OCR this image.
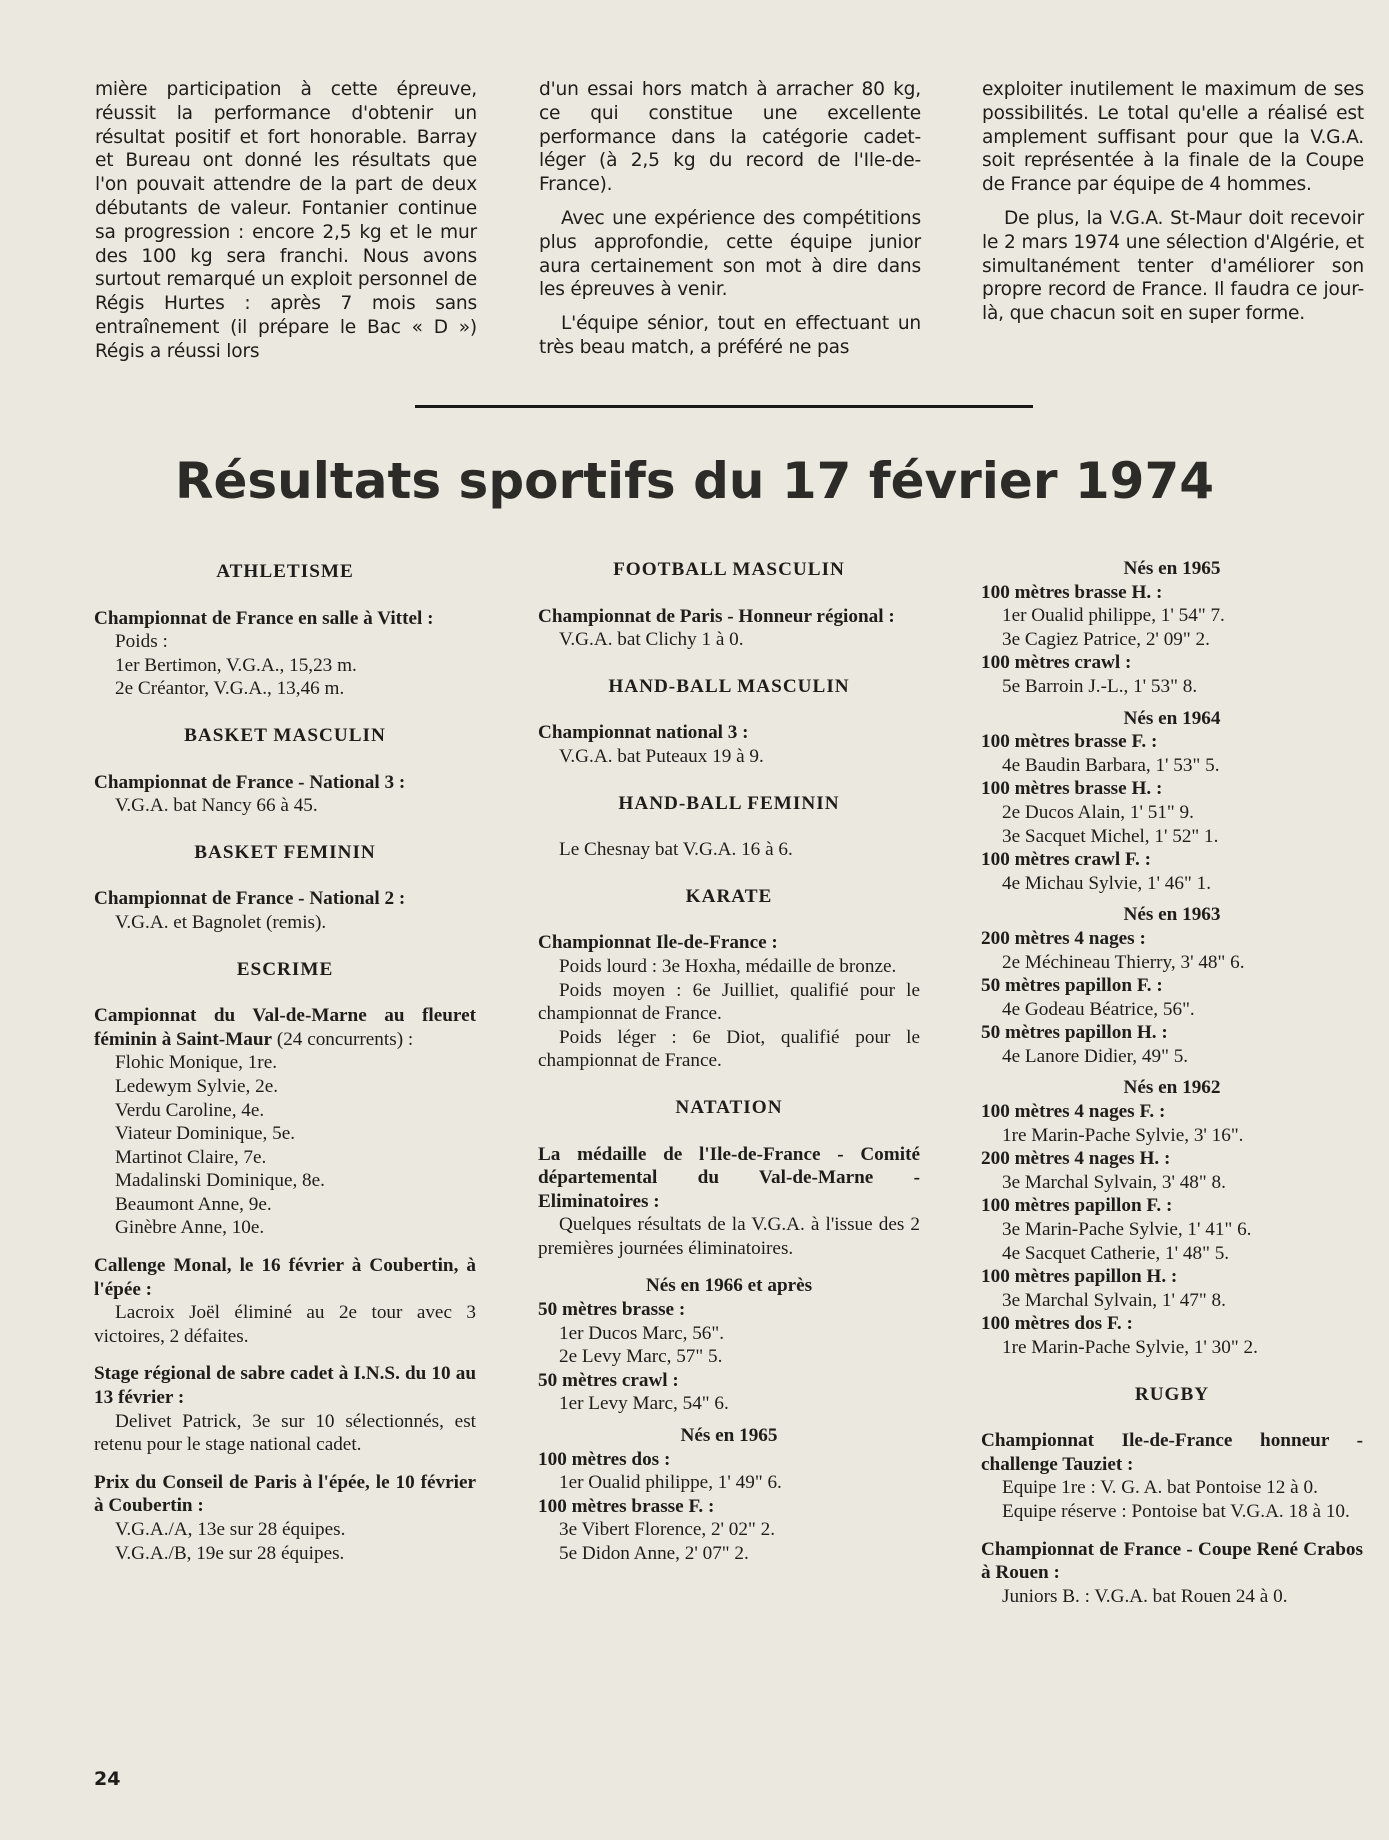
mière participation à cette épreuve, réussit la performance d'obtenir un résultat positif et fort honorable. Barray et Bureau ont donné les résultats que l'on pouvait attendre de la part de deux débutants de valeur. Fontanier continue sa progression : encore 2,5 kg et le mur des 100 kg sera franchi. Nous avons surtout remarqué un exploit personnel de Régis Hurtes : après 7 mois sans entraînement (il prépare le Bac « D ») Régis a réussi lors

d'un essai hors match à arracher 80 kg, ce qui constitue une excellente performance dans la catégorie cadet-léger (à 2,5 kg du record de l'Ile-de-France).

Avec une expérience des compétitions plus approfondie, cette équipe junior aura certainement son mot à dire dans les épreuves à venir.

L'équipe sénior, tout en effectuant un très beau match, a préféré ne pas

exploiter inutilement le maximum de ses possibilités. Le total qu'elle a réalisé est amplement suffisant pour que la V.G.A. soit représentée à la finale de la Coupe de France par équipe de 4 hommes.

De plus, la V.G.A. St-Maur doit recevoir le 2 mars 1974 une sélection d'Algérie, et simultanément tenter d'améliorer son propre record de France. Il faudra ce jour-là, que chacun soit en super forme.

Résultats sportifs du 17 février 1974
ATHLETISME

Championnat de France en salle à Vittel :

Poids :

1er Bertimon, V.G.A., 15,23 m.

2e Créantor, V.G.A., 13,46 m.

BASKET MASCULIN

Championnat de France - National 3 :

V.G.A. bat Nancy 66 à 45.

BASKET FEMININ

Championnat de France - National 2 :

V.G.A. et Bagnolet (remis).

ESCRIME

Campionnat du Val-de-Marne au fleuret féminin à Saint-Maur (24 concurrents) :

Flohic Monique, 1re.

Ledewym Sylvie, 2e.

Verdu Caroline, 4e.

Viateur Dominique, 5e.

Martinot Claire, 7e.

Madalinski Dominique, 8e.

Beaumont Anne, 9e.

Ginèbre Anne, 10e.

Callenge Monal, le 16 février à Coubertin, à l'épée :

Lacroix Joël éliminé au 2e tour avec 3 victoires, 2 défaites.

Stage régional de sabre cadet à I.N.S. du 10 au 13 février :

Delivet Patrick, 3e sur 10 sélectionnés, est retenu pour le stage national cadet.

Prix du Conseil de Paris à l'épée, le 10 février à Coubertin :

V.G.A./A, 13e sur 28 équipes.

V.G.A./B, 19e sur 28 équipes.

FOOTBALL MASCULIN

Championnat de Paris - Honneur régional :

V.G.A. bat Clichy 1 à 0.

HAND-BALL MASCULIN

Championnat national 3 :

V.G.A. bat Puteaux 19 à 9.

HAND-BALL FEMININ

Le Chesnay bat V.G.A. 16 à 6.

KARATE

Championnat Ile-de-France :

Poids lourd : 3e Hoxha, médaille de bronze.

Poids moyen : 6e Juilliet, qualifié pour le championnat de France.

Poids léger : 6e Diot, qualifié pour le championnat de France.

NATATION

La médaille de l'Ile-de-France - Comité départemental du Val-de-Marne - Eliminatoires :

Quelques résultats de la V.G.A. à l'issue des 2 premières journées éliminatoires.

Nés en 1966 et après

50 mètres brasse :

1er Ducos Marc, 56".

2e Levy Marc, 57" 5.

50 mètres crawl :

1er Levy Marc, 54" 6.

Nés en 1965

100 mètres dos :

1er Oualid philippe, 1' 49" 6.

100 mètres brasse F. :

3e Vibert Florence, 2' 02" 2.

5e Didon Anne, 2' 07" 2.

Nés en 1965

100 mètres brasse H. :

1er Oualid philippe, 1' 54" 7.

3e Cagiez Patrice, 2' 09" 2.

100 mètres crawl :

5e Barroin J.-L., 1' 53" 8.

Nés en 1964

100 mètres brasse F. :

4e Baudin Barbara, 1' 53" 5.

100 mètres brasse H. :

2e Ducos Alain, 1' 51" 9.

3e Sacquet Michel, 1' 52" 1.

100 mètres crawl F. :

4e Michau Sylvie, 1' 46" 1.

Nés en 1963

200 mètres 4 nages :

2e Méchineau Thierry, 3' 48" 6.

50 mètres papillon F. :

4e Godeau Béatrice, 56".

50 mètres papillon H. :

4e Lanore Didier, 49" 5.

Nés en 1962

100 mètres 4 nages F. :

1re Marin-Pache Sylvie, 3' 16".

200 mètres 4 nages H. :

3e Marchal Sylvain, 3' 48" 8.

100 mètres papillon F. :

3e Marin-Pache Sylvie, 1' 41" 6.

4e Sacquet Catherie, 1' 48" 5.

100 mètres papillon H. :

3e Marchal Sylvain, 1' 47" 8.

100 mètres dos F. :

1re Marin-Pache Sylvie, 1' 30" 2.

RUGBY

Championnat Ile-de-France honneur - challenge Tauziet :

Equipe 1re : V. G. A. bat Pontoise 12 à 0.

Equipe réserve : Pontoise bat V.G.A. 18 à 10.

Championnat de France - Coupe René Crabos à Rouen :

Juniors B. : V.G.A. bat Rouen 24 à 0.

24
